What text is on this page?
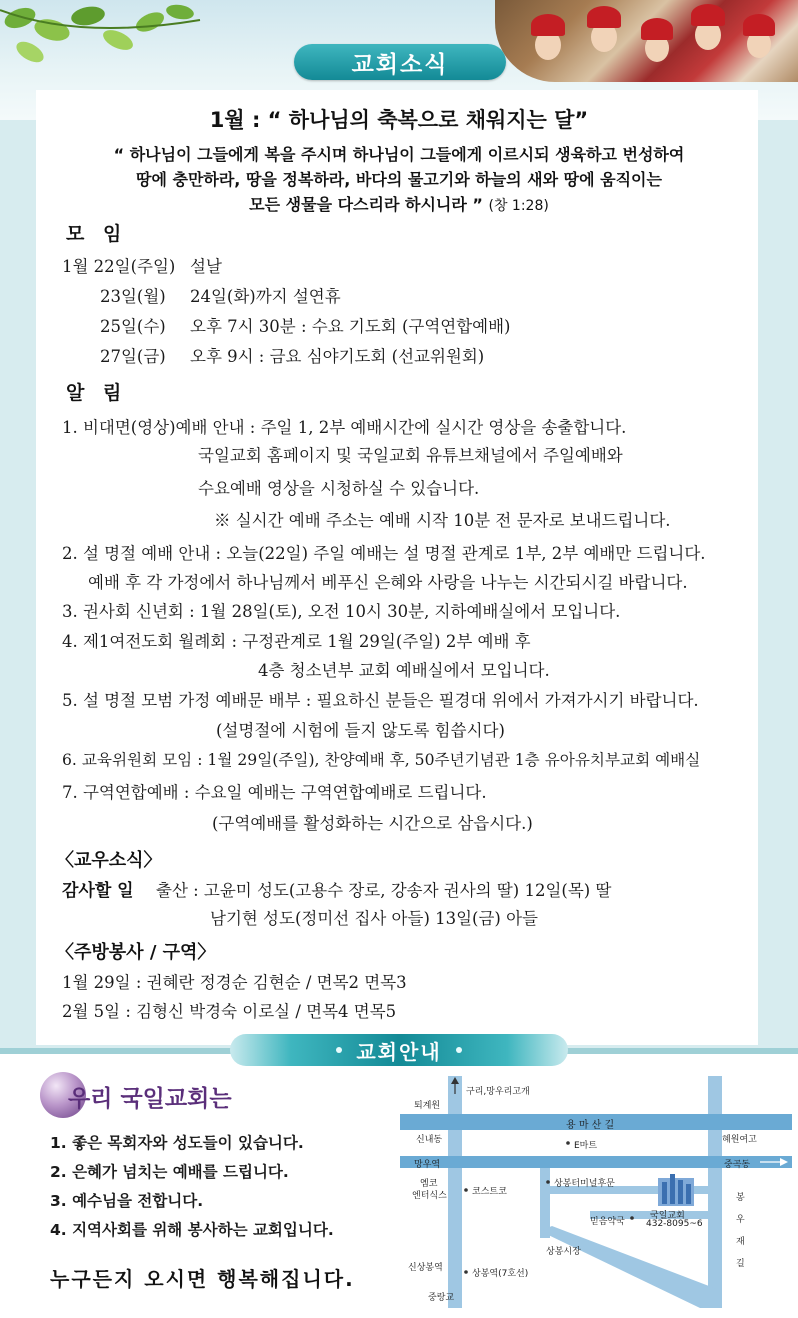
교회소식
1월 : “ 하나님의 축복으로 채워지는 달”
“ 하나님이 그들에게 복을 주시며 하나님이 그들에게 이르시되 생육하고 번성하여
땅에 충만하라, 땅을 정복하라, 바다의 물고기와 하늘의 새와 땅에 움직이는
모든 생물을 다스리라 하시니라 ” (창 1:28)
모 임
1월 22일(주일) 설날
23일(월) 24일(화)까지 설연휴
25일(수) 오후 7시 30분 : 수요 기도회 (구역연합예배)
27일(금) 오후 9시 : 금요 심야기도회 (선교위원회)
알 림
1. 비대면(영상)예배 안내 : 주일 1, 2부 예배시간에 실시간 영상을 송출합니다.
국일교회 홈페이지 및 국일교회 유튜브채널에서 주일예배와
수요예배 영상을 시청하실 수 있습니다.
※ 실시간 예배 주소는 예배 시작 10분 전 문자로 보내드립니다.
2. 설 명절 예배 안내 : 오늘(22일) 주일 예배는 설 명절 관계로 1부, 2부 예배만 드립니다.
예배 후 각 가정에서 하나님께서 베푸신 은혜와 사랑을 나누는 시간되시길 바랍니다.
3. 권사회 신년회 : 1월 28일(토), 오전 10시 30분, 지하예배실에서 모입니다.
4. 제1여전도회 월례회 : 구정관계로 1월 29일(주일) 2부 예배 후
4층 청소년부 교회 예배실에서 모입니다.
5. 설 명절 모범 가정 예배문 배부 : 필요하신 분들은 필경대 위에서 가져가시기 바랍니다.
(설명절에 시험에 들지 않도록 힘씁시다)
6. 교육위원회 모임 : 1월 29일(주일), 찬양예배 후, 50주년기념관 1층 유아유치부교회 예배실
7. 구역연합예배 : 수요일 예배는 구역연합예배로 드립니다.
(구역예배를 활성화하는 시간으로 삼읍시다.)
〈교우소식〉
감사할 일 출산 : 고윤미 성도(고용수 장로, 강송자 권사의 딸) 12일(목) 딸
남기현 성도(정미선 집사 아들) 13일(금) 아들
〈주방봉사 / 구역〉
1월 29일 : 권혜란 정경순 김현순 / 면목2 면목3
2월 5일 : 김형신 박경숙 이로실 / 면목4 면목5
교회안내
우리 국일교회는
1. 좋은 목회자와 성도들이 있습니다.
2. 은혜가 넘치는 예배를 드립니다.
3. 예수님을 전합니다.
4. 지역사회를 위해 봉사하는 교회입니다.
누구든지 오시면 행복해집니다.
구리,망우리고개
퇴계원
용 마 산 길
신내동
E마트
혜원여고
망우역	중곡동
옘코
엔터식스	코스트코
상봉터미널후문
국일교회
432-8095~6
믿음약국
봉
우
재
길
상봉시장
신상봉역
상봉역(7호선)
중랑교
